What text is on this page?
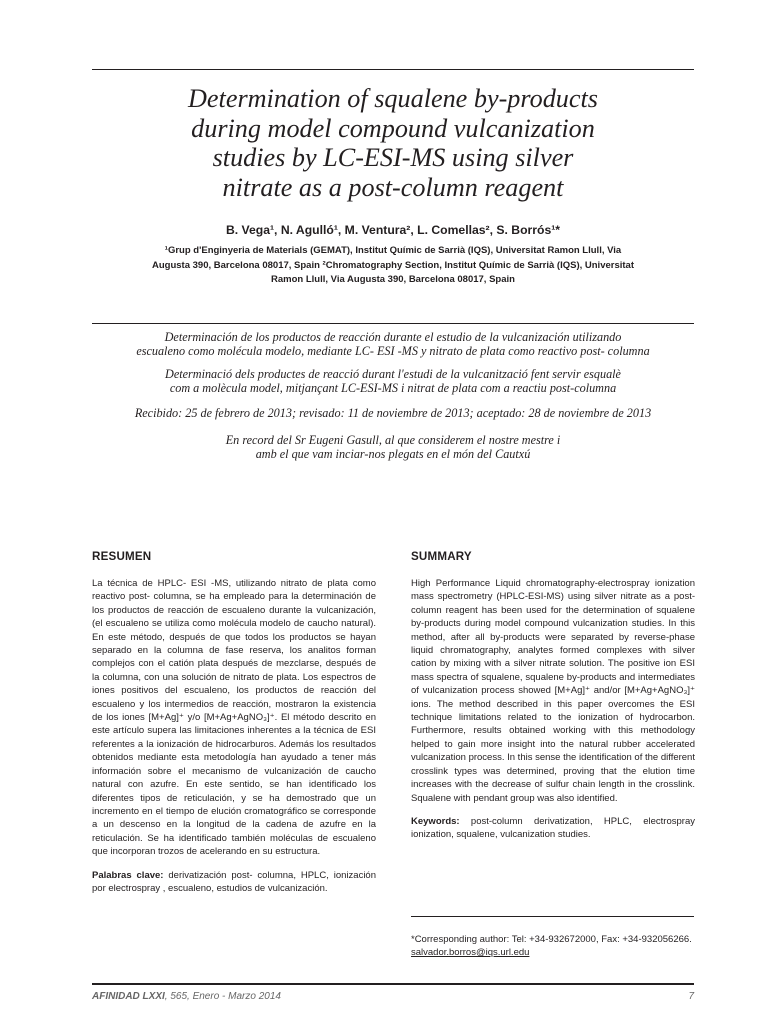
Determination of squalene by-products
during model compound vulcanization
studies by LC-ESI-MS using silver
nitrate as a post-column reagent
B. Vega¹, N. Agulló¹, M. Ventura², L. Comellas², S. Borrós¹*
¹Grup d'Enginyeria de Materials (GEMAT), Institut Químic de Sarrià (IQS), Universitat Ramon Llull, Via Augusta 390, Barcelona 08017, Spain ²Chromatography Section, Institut Químic de Sarrià (IQS), Universitat Ramon Llull, Via Augusta 390, Barcelona 08017, Spain
Determinación de los productos de reacción durante el estudio de la vulcanización utilizando
escualeno como molécula modelo, mediante LC- ESI -MS y nitrato de plata como reactivo post- columna
Determinació dels productes de reacció durant l'estudi de la vulcanització fent servir esqualè
com a molècula model, mitjançant LC-ESI-MS i nitrat de plata com a reactiu post-columna
Recibido: 25 de febrero de 2013; revisado: 11 de noviembre de 2013; aceptado: 28 de noviembre de 2013
En record del Sr Eugeni Gasull, al que considerem el nostre mestre i
amb el que vam inciar-nos plegats en el món del Cautxú
RESUMEN	SUMMARY

La técnica de HPLC- ESI -MS, utilizando nitrato de plata como reactivo post- columna, se ha empleado para la determinación de los productos de reacción de escualeno durante la vulcanización, (el escualeno se utiliza como molécula modelo de caucho natural). En este método, después de que todos los productos se hayan separado en la columna de fase reserva, los analitos forman complejos con el catión plata después de mezclarse, después de la columna, con una solución de nitrato de plata. Los espectros de iones positivos del escualeno, los productos de reacción del escualeno y los intermedios de reacción, mostraron la existencia de los iones [M+Ag]⁺ y/o [M+Ag+AgNO₃]⁺. El método descrito en este artículo supera las limitaciones inherentes a la técnica de ESI referentes a la ionización de hidrocarburos. Además los resultados obtenidos mediante esta metodología han ayudado a tener más información sobre el mecanismo de vulcanización de caucho natural con azufre. En este sentido, se han identificado los diferentes tipos de reticulación, y se ha demostrado que un incremento en el tiempo de elución cromatográfico se corresponde a un descenso en la longitud de la cadena de azufre en la reticulación. Se ha identificado también moléculas de escualeno que incorporan trozos de acelerando en su estructura.

Palabras clave: derivatización post- columna, HPLC, ionización por electrospray , escualeno, estudios de vulcanización.

High Performance Liquid chromatography-electrospray ionization mass spectrometry (HPLC-ESI-MS) using silver nitrate as a post-column reagent has been used for the determination of squalene by-products during model compound vulcanization studies. In this method, after all by-products were separated by reverse-phase liquid chromatography, analytes formed complexes with silver cation by mixing with a silver nitrate solution. The positive ion ESI mass spectra of squalene, squalene by-products and intermediates of vulcanization process showed [M+Ag]⁺ and/or [M+Ag+AgNO₃]⁺ ions. The method described in this paper overcomes the ESI technique limitations related to the ionization of hydrocarbon. Furthermore, results obtained working with this methodology helped to gain more insight into the natural rubber accelerated vulcanization process. In this sense the identification of the different crosslink types was determined, proving that the elution time increases with the decrease of sulfur chain length in the crosslink. Squalene with pendant group was also identified.

Keywords: post-column derivatization, HPLC, electrospray ionization, squalene, vulcanization studies.

*Corresponding author: Tel: +34-932672000, Fax: +34-932056266. salvador.borros@iqs.url.edu
AFINIDAD LXXI, 565, Enero - Marzo 2014	7
